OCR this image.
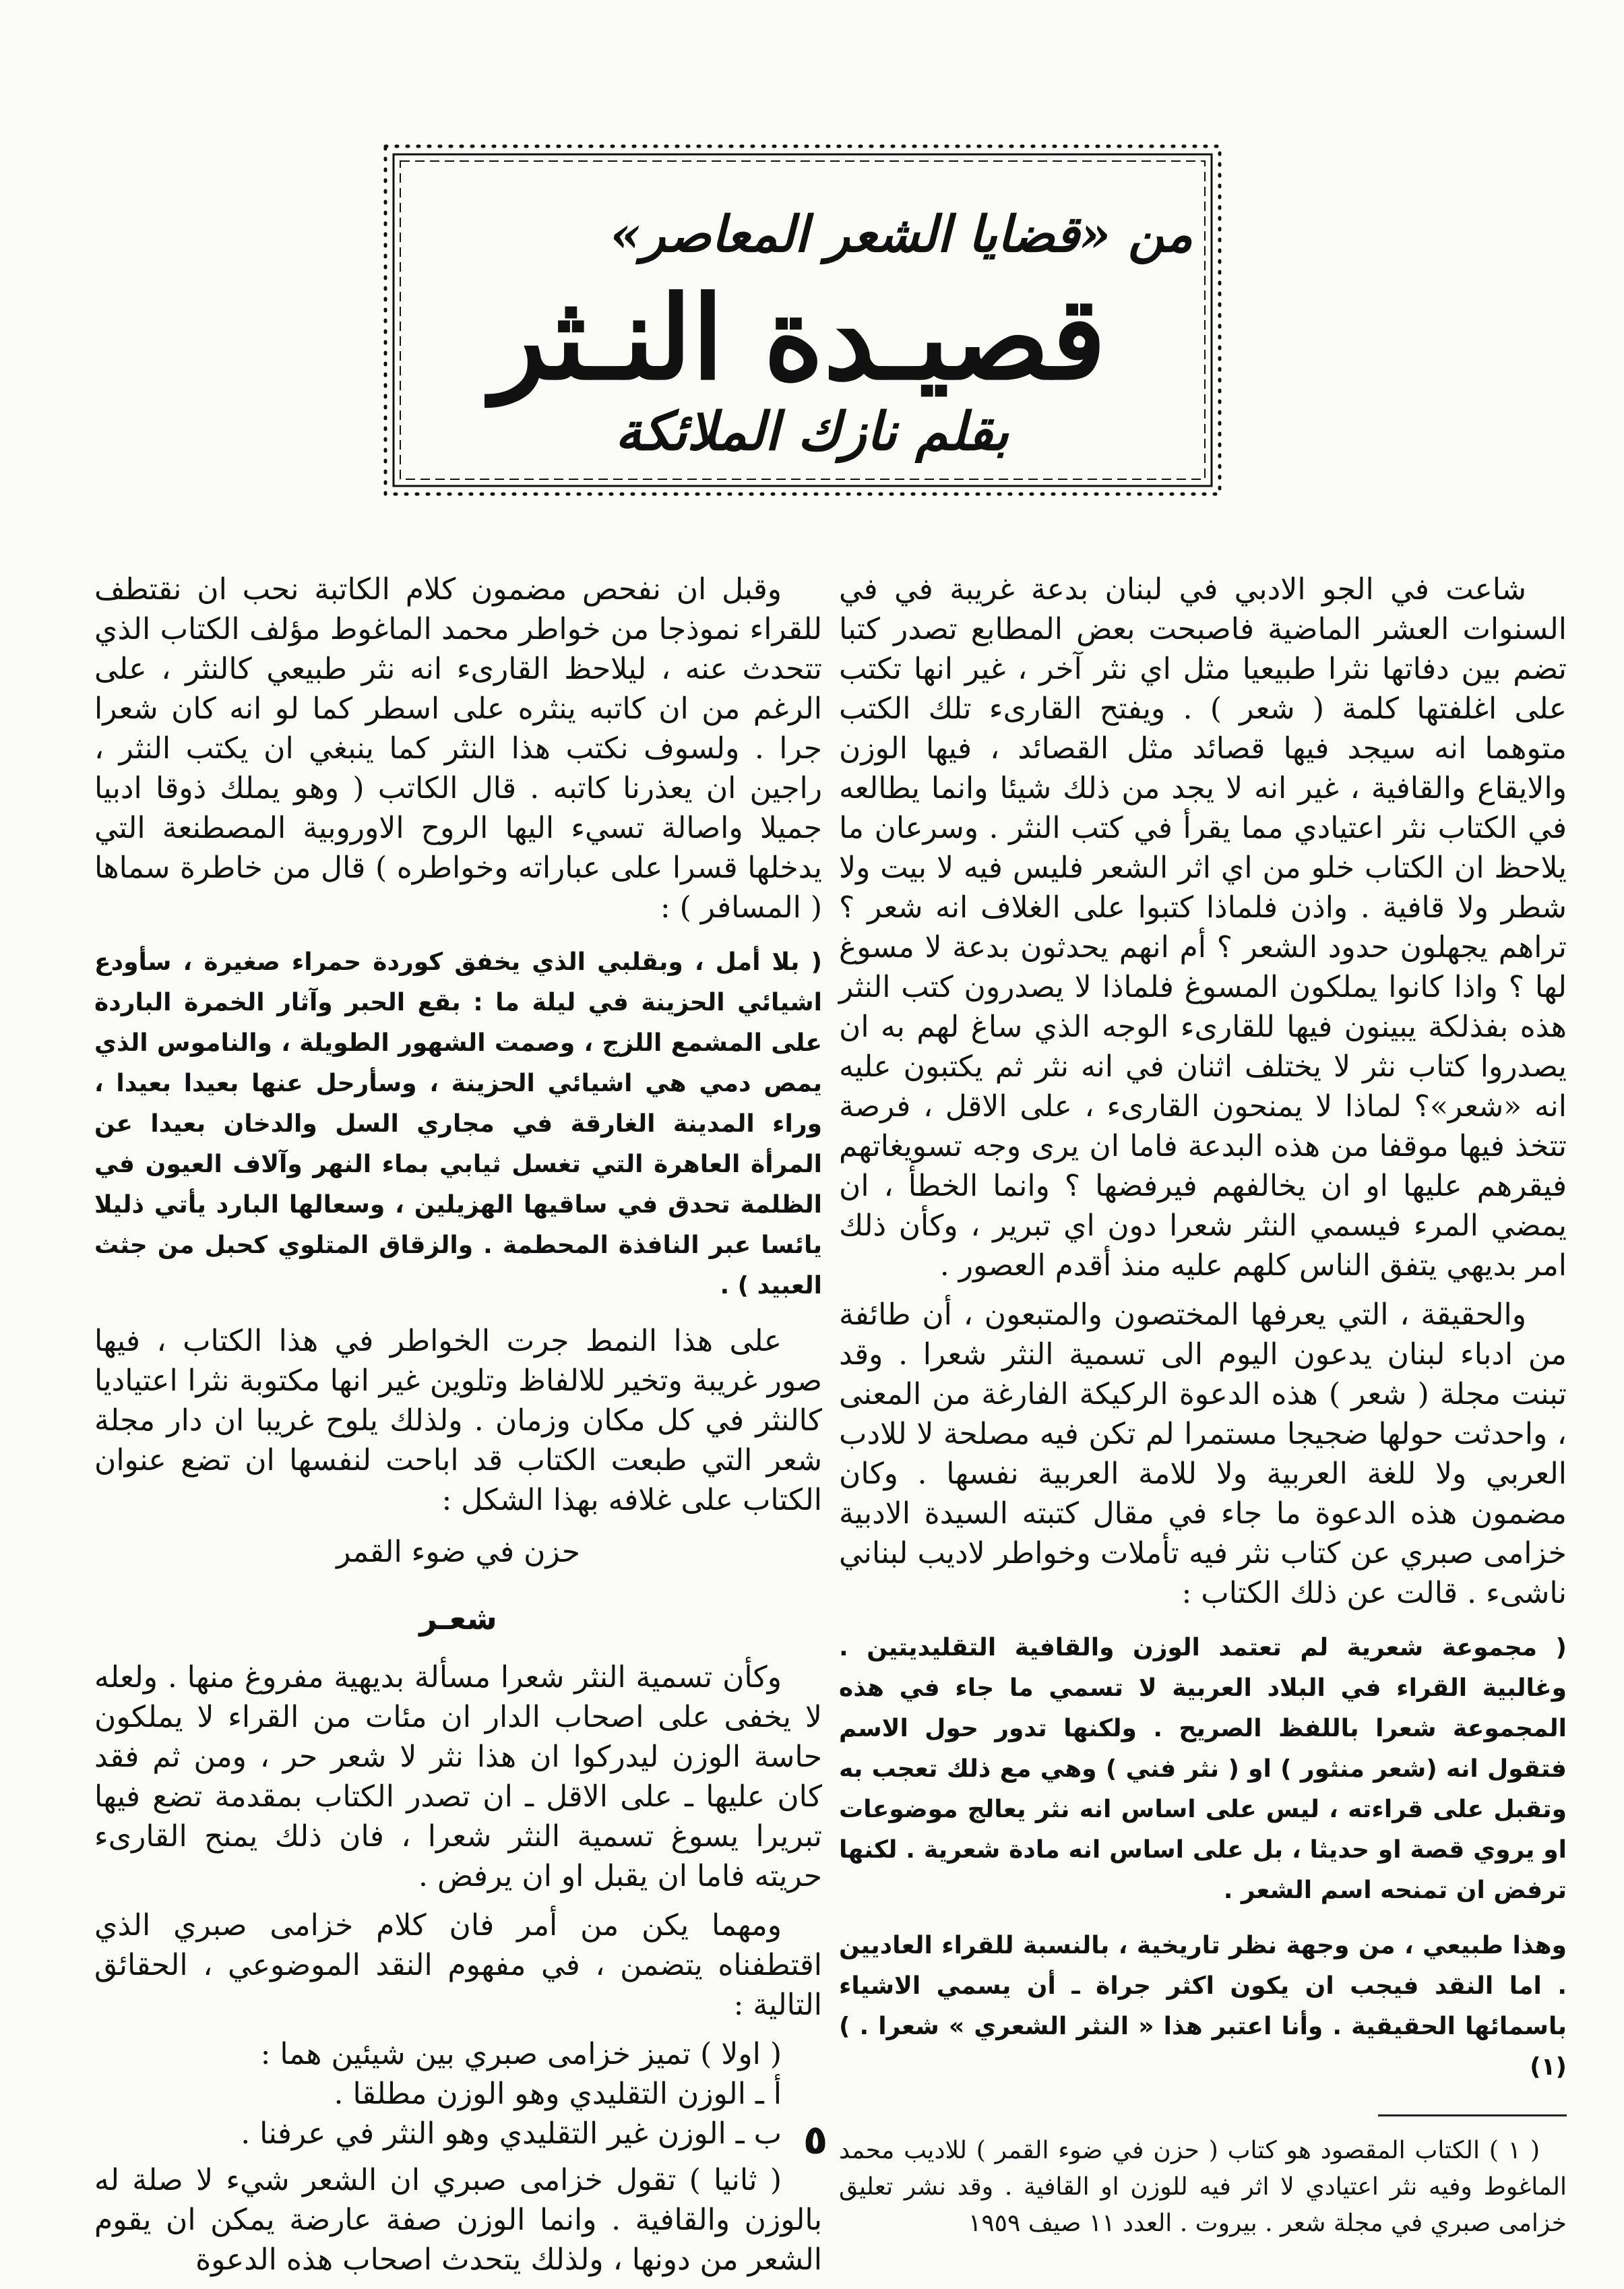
من «قضايا الشعر المعاصر»
قصيـدة النـثر
بقلم نازك الملائكة

شاعت في الجو الادبي في لبنان بدعة غريبة في في السنوات العشر الماضية فاصبحت بعض المطابع تصدر كتبا تضم بين دفاتها نثرا طبيعيا مثل اي نثر آخر ، غير انها تكتب على اغلفتها كلمة ( شعر ) . ويفتح القارىء تلك الكتب متوهما انه سيجد فيها قصائد مثل القصائد ، فيها الوزن والايقاع والقافية ، غير انه لا يجد من ذلك شيئا وانما يطالعه في الكتاب نثر اعتيادي مما يقرأ في كتب النثر . وسرعان ما يلاحظ ان الكتاب خلو من اي اثر الشعر فليس فيه لا بيت ولا شطر ولا قافية . واذن فلماذا كتبوا على الغلاف انه شعر ؟ تراهم يجهلون حدود الشعر ؟ أم انهم يحدثون بدعة لا مسوغ لها ؟ واذا كانوا يملكون المسوغ فلماذا لا يصدرون كتب النثر هذه بفذلكة يبينون فيها للقارىء الوجه الذي ساغ لهم به ان يصدروا كتاب نثر لا يختلف اثنان في انه نثر ثم يكتبون عليه انه «شعر»؟ لماذا لا يمنحون القارىء ، على الاقل ، فرصة تتخذ فيها موقفا من هذه البدعة فاما ان يرى وجه تسويغاتهم فيقرهم عليها او ان يخالفهم فيرفضها ؟ وانما الخطأ ، ان يمضي المرء فيسمي النثر شعرا دون اي تبرير ، وكأن ذلك امر بديهي يتفق الناس كلهم عليه منذ أقدم العصور .

والحقيقة ، التي يعرفها المختصون والمتبعون ، أن طائفة من ادباء لبنان يدعون اليوم الى تسمية النثر شعرا . وقد تبنت مجلة ( شعر ) هذه الدعوة الركيكة الفارغة من المعنى ، واحدثت حولها ضجيجا مستمرا لم تكن فيه مصلحة لا للادب العربي ولا للغة العربية ولا للامة العربية نفسها . وكان مضمون هذه الدعوة ما جاء في مقال كتبته السيدة الادبية خزامى صبري عن كتاب نثر فيه تأملات وخواطر لاديب لبناني ناشىء . قالت عن ذلك الكتاب :

( مجموعة شعرية لم تعتمد الوزن والقافية التقليديتين . وغالبية القراء في البلاد العربية لا تسمي ما جاء في هذه المجموعة شعرا باللفظ الصريح . ولكنها تدور حول الاسم فتقول انه (شعر منثور ) او ( نثر فني ) وهي مع ذلك تعجب به وتقبل على قراءته ، ليس على اساس انه نثر يعالج موضوعات او يروي قصة او حديثا ، بل على اساس انه مادة شعرية . لكنها ترفض ان تمنحه اسم الشعر .

وهذا طبيعي ، من وجهة نظر تاريخية ، بالنسبة للقراء العاديين . اما النقد فيجب ان يكون اكثر جراة ـ أن يسمي الاشياء باسمائها الحقيقية . وأنا اعتبر هذا « النثر الشعري » شعرا . ) (١)

( ١ ) الكتاب المقصود هو كتاب ( حزن في ضوء القمر ) للاديب محمد الماغوط وفيه نثر اعتيادي لا اثر فيه للوزن او القافية . وقد نشر تعليق خزامى صبري في مجلة شعر . بيروت . العدد ١١ صيف ١٩٥٩

وقبل ان نفحص مضمون كلام الكاتبة نحب ان نقتطف للقراء نموذجا من خواطر محمد الماغوط مؤلف الكتاب الذي تتحدث عنه ، ليلاحظ القارىء انه نثر طبيعي كالنثر ، على الرغم من ان كاتبه ينثره على اسطر كما لو انه كان شعرا جرا . ولسوف نكتب هذا النثر كما ينبغي ان يكتب النثر ، راجين ان يعذرنا كاتبه . قال الكاتب ( وهو يملك ذوقا ادبيا جميلا واصالة تسيء اليها الروح الاوروبية المصطنعة التي يدخلها قسرا على عباراته وخواطره ) قال من خاطرة سماها ( المسافر ) :

( بلا أمل ، وبقلبي الذي يخفق كوردة حمراء صغيرة ، سأودع اشيائي الحزينة في ليلة ما : بقع الحبر وآثار الخمرة الباردة على المشمع اللزج ، وصمت الشهور الطويلة ، والناموس الذي يمص دمي هي اشيائي الحزينة ، وسأرحل عنها بعيدا بعيدا ، وراء المدينة الغارقة في مجاري السل والدخان بعيدا عن المرأة العاهرة التي تغسل ثيابي بماء النهر وآلاف العيون في الظلمة تحدق في ساقيها الهزيلين ، وسعالها البارد يأتي ذليلا يائسا عبر النافذة المحطمة . والزقاق المتلوي كحبل من جثث العبيد ) .

على هذا النمط جرت الخواطر في هذا الكتاب ، فيها صور غريبة وتخير للالفاظ وتلوين غير انها مكتوبة نثرا اعتياديا كالنثر في كل مكان وزمان . ولذلك يلوح غريبا ان دار مجلة شعر التي طبعت الكتاب قد اباحت لنفسها ان تضع عنوان الكتاب على غلافه بهذا الشكل :

حزن في ضوء القمر

شعـر

وكأن تسمية النثر شعرا مسألة بديهية مفروغ منها . ولعله لا يخفى على اصحاب الدار ان مئات من القراء لا يملكون حاسة الوزن ليدركوا ان هذا نثر لا شعر حر ، ومن ثم فقد كان عليها ـ على الاقل ـ ان تصدر الكتاب بمقدمة تضع فيها تبريرا يسوغ تسمية النثر شعرا ، فان ذلك يمنح القارىء حريته فاما ان يقبل او ان يرفض .

ومهما يكن من أمر فان كلام خزامى صبري الذي اقتطفناه يتضمن ، في مفهوم النقد الموضوعي ، الحقائق التالية :

( اولا ) تميز خزامى صبري بين شيئين هما :
أ ـ الوزن التقليدي وهو الوزن مطلقا .
ب ـ الوزن غير التقليدي وهو النثر في عرفنا .

( ثانيا ) تقول خزامى صبري ان الشعر شيء لا صلة له بالوزن والقافية . وانما الوزن صفة عارضة يمكن ان يقوم الشعر من دونها ، ولذلك يتحدث اصحاب هذه الدعوة

٥
